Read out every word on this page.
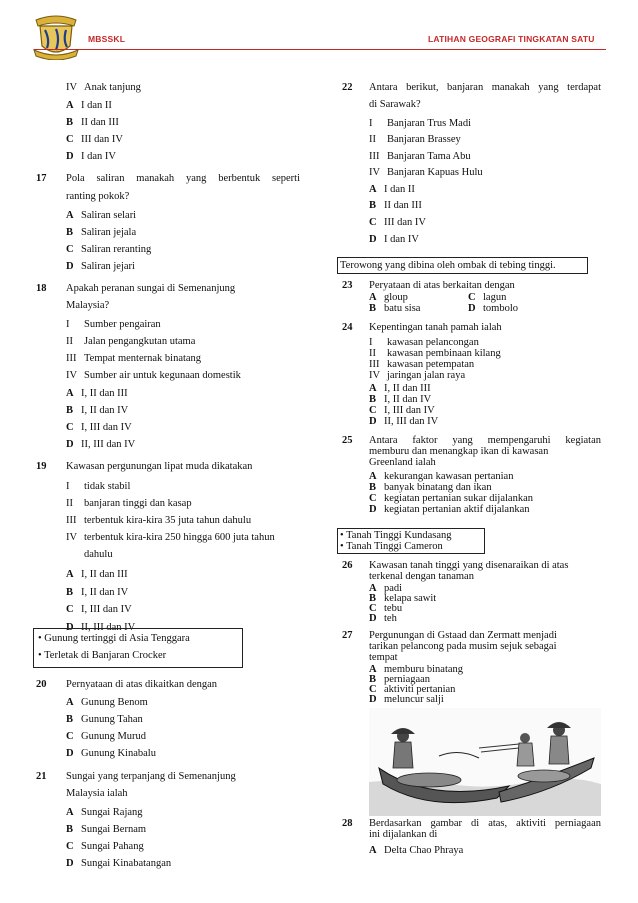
MBSSKL	LATIHAN GEOGRAFI TINGKATAN SATU
IV Anak tanjung
A I dan II
B II dan III
C III dan IV
D I dan IV
17 Pola saliran manakah yang berbentuk seperti
ranting pokok?
A Saliran selari
B Saliran jejala
C Saliran reranting
D Saliran jejari
18 Apakah peranan sungai di Semenanjung
Malaysia?
I Sumber pengairan
II Jalan pengangkutan utama
III Tempat menternak binatang
IV Sumber air untuk kegunaan domestik
A I, II dan III
B I, II dan IV
C I, III dan IV
D II, III dan IV
19 Kawasan pergunungan lipat muda dikatakan
I tidak stabil
II banjaran tinggi dan kasap
III terbentuk kira-kira 35 juta tahun dahulu
IV terbentuk kira-kira 250 hingga 600 juta tahun
dahulu
A I, II dan III
B I, II dan IV
C I, III dan IV
D II, III dan IV
• Gunung tertinggi di Asia Tenggara
• Terletak di Banjaran Crocker
20 Pernyataan di atas dikaitkan dengan
A Gunung Benom
B Gunung Tahan
C Gunung Murud
D Gunung Kinabalu
21 Sungai yang terpanjang di Semenanjung
Malaysia ialah
A Sungai Rajang
B Sungai Bernam
C Sungai Pahang
D Sungai Kinabatangan
22 Antara berikut, banjaran manakah yang terdapat
di Sarawak?
I Banjaran Trus Madi
II Banjaran Brassey
III Banjaran Tama Abu
IV Banjaran Kapuas Hulu
A I dan II
B II dan III
C III dan IV
D I dan IV
Terowong yang dibina oleh ombak di tebing tinggi.
23 Peryataan di atas berkaitan dengan
A gloup
B batu sisa
C lagun
D tombolo
24 Kepentingan tanah pamah ialah
I kawasan pelancongan
II kawasan pembinaan kilang
III kawasan petempatan
IV jaringan jalan raya
A I, II dan III
B I, II dan IV
C I, III dan IV
D II, III dan IV
25 Antara faktor yang mempengaruhi kegiatan
memburu dan menangkap ikan di kawasan
Greenland ialah
A kekurangan kawasan pertanian
B banyak binatang dan ikan
C kegiatan pertanian sukar dijalankan
D kegiatan pertanian aktif dijalankan
• Tanah Tinggi Kundasang
• Tanah Tinggi Cameron
26 Kawasan tanah tinggi yang disenaraikan di atas
terkenal dengan tanaman
A padi
B kelapa sawit
C tebu
D teh
27 Pergunungan di Gstaad dan Zermatt menjadi
tarikan pelancong pada musim sejuk sebagai
tempat
A memburu binatang
B perniagaan
C aktiviti pertanian
D meluncur salji
28 Berdasarkan gambar di atas, aktiviti perniagaan
ini dijalankan di
A Delta Chao Phraya
